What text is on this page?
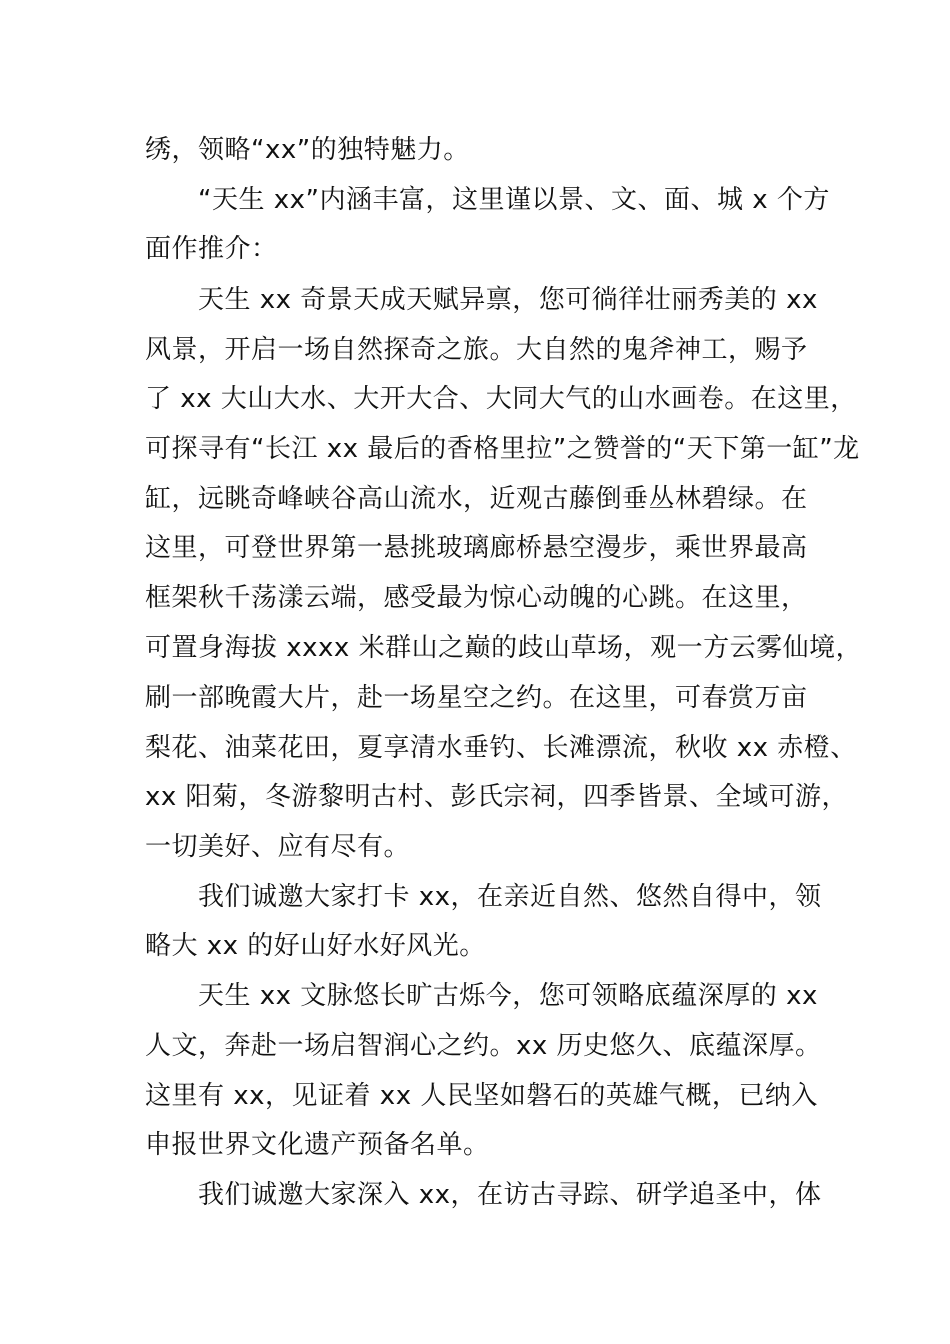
绣，领略“xx”的独特魅力。
　　“天生 xx”内涵丰富，这里谨以景、文、面、城 x 个方
面作推介：
　　天生 xx 奇景天成天赋异禀，您可徜徉壮丽秀美的 xx
风景，开启一场自然探奇之旅。大自然的鬼斧神工，赐予
了 xx 大山大水、大开大合、大同大气的山水画卷。在这里，
可探寻有“长江 xx 最后的香格里拉”之赞誉的“天下第一缸”龙
缸，远眺奇峰峡谷高山流水，近观古藤倒垂丛林碧绿。在
这里，可登世界第一悬挑玻璃廊桥悬空漫步，乘世界最高
框架秋千荡漾云端，感受最为惊心动魄的心跳。在这里，
可置身海拔 xxxx 米群山之巅的歧山草场，观一方云雾仙境，
刷一部晚霞大片，赴一场星空之约。在这里，可春赏万亩
梨花、油菜花田，夏享清水垂钓、长滩漂流，秋收 xx 赤橙、
xx 阳菊，冬游黎明古村、彭氏宗祠，四季皆景、全域可游，
一切美好、应有尽有。
　　我们诚邀大家打卡 xx，在亲近自然、悠然自得中，领
略大 xx 的好山好水好风光。
　　天生 xx 文脉悠长旷古烁今，您可领略底蕴深厚的 xx
人文，奔赴一场启智润心之约。xx 历史悠久、底蕴深厚。
这里有 xx，见证着 xx 人民坚如磐石的英雄气概，已纳入
申报世界文化遗产预备名单。
　　我们诚邀大家深入 xx，在访古寻踪、研学追圣中，体
